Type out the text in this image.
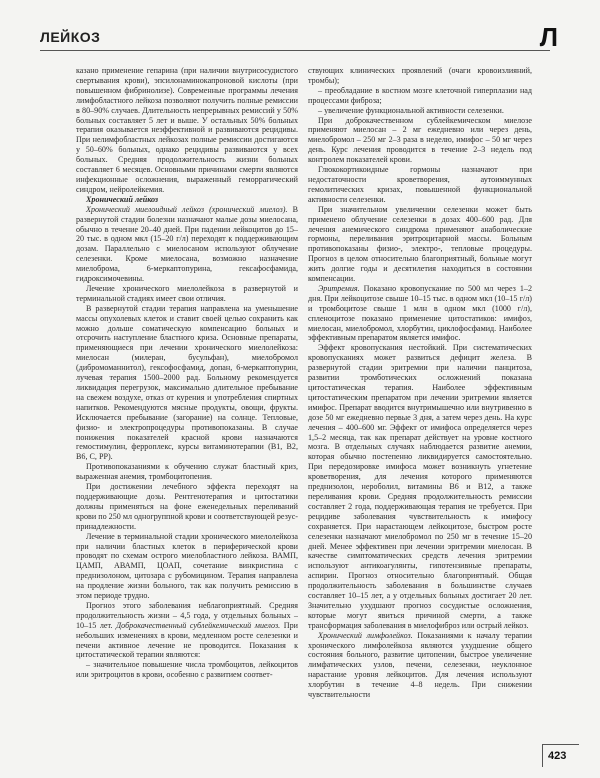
ЛЕЙКОЗ	Л

казано применение гепарина (при наличии внутрисосудистого свертывания крови), эпсилонаминокапроновой кислоты (при повышенном фибринолизе). Современные программы лечения лимфобластного лейкоза позволяют получить полные ремиссии в 80–90% случаев. Длительность непрерывных ремиссий у 50% больных составляет 5 лет и выше. У остальных 50% больных терапия оказывается неэффективной и развиваются рецидивы. При нелимфобластных лейкозах полные ремиссии достигаются у 50–60% больных, однако рецидивы развиваются у всех больных. Средняя продолжительность жизни больных составляет 6 месяцев. Основными причинами смерти являются инфекционные осложнения, выраженный геморрагический синдром, нейролейкемия.

Хронический лейкоз

Хронический миелоидный лейкоз (хронический миелоз). В развернутой стадии болезни назначают малые дозы миелосана, обычно в течение 20–40 дней. При падении лейкоцитов до 15–20 тыс. в одном мкл (15–20 г/л) переходят к поддерживающим дозам. Параллельно с миелосаном используют облучение селезенки. Кроме миелосана, возможно назначение миелоброма, 6-меркаптопурина, гексафосфамида, гидроксимочевины.

Лечение хронического миелолейкоза в развернутой и терминальной стадиях имеет свои отличия.

В развернутой стадии терапия направлена на уменьшение массы опухолевых клеток и ставит своей целью сохранить как можно дольше соматическую компенсацию больных и отсрочить наступление бластного криза. Основные препараты, применяющиеся при лечении хронического миелолейкоза: миелосан (милеран, бусульфан), миелобромол (дибромоманнитол), гексофосфамид, допан, 6-меркаптопурин, лучевая терапия 1500–2000 рад. Больному рекомендуется ликвидация перегрузок, максимально длительное пребывание на свежем воздухе, отказ от курения и употребления спиртных напитков. Рекомендуются мясные продукты, овощи, фрукты. Исключается пребывание (загорание) на солнце. Тепловые, физио- и электропроцедуры противопоказаны. В случае понижения показателей красной крови назначаются гемостимулин, ферроплекс, курсы витаминотерапии (B1, B2, B6, C, PP).

Противопоказаниями к обучению служат бластный криз, выраженная анемия, тромбоцитопения.

При достижении лечебного эффекта переходят на поддерживающие дозы. Рентгенотерапия и цитостатики должны применяться на фоне еженедельных переливаний крови по 250 мл одногруппной крови и соответствующей резус-принадлежности.

Лечение в терминальной стадии хронического миелолейкоза при наличии бластных клеток в периферической крови проводят по схемам острого миелобластного лейкоза. ВАМП, ЦАМП, АВАМП, ЦОАП, сочетание винкристина с преднизолоном, цитозара с рубомицином. Терапия направлена на продление жизни больного, так как получить ремиссию в этом периоде трудно.

Прогноз этого заболевания неблагоприятный. Средняя продолжительность жизни – 4,5 года, у отдельных больных – 10–15 лет. Доброкачественный сублейкемический миелоз. При небольших изменениях в крови, медленном росте селезенки и печени активное лечение не проводится. Показания к цитостатической терапии являются:

– значительное повышение числа тромбоцитов, лейкоцитов или эритроцитов в крови, особенно с развитием соответ-

ствующих клинических проявлений (очаги кровоизлияний, тромбы);

– преобладание в костном мозге клеточной гиперплазии над процессами фиброза;

– увеличение функциональной активности селезенки.

При доброкачественном сублейкемическом миелозе применяют миелосан – 2 мг ежедневно или через день, миелобромол – 250 мг 2–3 раза в неделю, имифос – 50 мг через день. Курс лечения проводится в течение 2–3 недель под контролем показателей крови.

Глюкокортикоидные гормоны назначают при недостаточности кроветворения, аутоиммунных гемолитических кризах, повышенной функциональной активности селезенки.

При значительном увеличении селезенки может быть применено облучение селезенки в дозах 400–600 рад. Для лечения анемического синдрома применяют анаболические гормоны, переливания эритроцитарной массы. Больным противопоказаны физио-, электро-, тепловые процедуры. Прогноз в целом относительно благоприятный, больные могут жить долгие годы и десятилетия находиться в состоянии компенсации.

Эритремия. Показано кровопускание по 500 мл через 1–2 дня. При лейкоцитозе свыше 10–15 тыс. в одном мкл (10–15 г/л) и тромбоцитозе свыше 1 млн в одном мкл (1000 г/л), спленоцитозе показано применение цитостатиков: имифоз, миелосан, миелобромол, хлорбутин, циклофосфамид. Наиболее эффективным препаратом является имифос.

Эффект кровопускания нестойкий. При систематических кровопусканиях может развиться дефицит железа. В развернутой стадии эритремии при наличии панцитоза, развитии тромботических осложнений показана цитостатическая терапия. Наиболее эффективным цитостатическим препаратом при лечении эритремии является имифос. Препарат вводится внутримышечно или внутривенно в дозе 50 мг ежедневно первые 3 дня, а затем через день. На курс лечения – 400–600 мг. Эффект от имифоса определяется через 1,5–2 месяца, так как препарат действует на уровне костного мозга. В отдельных случаях наблюдается развитие анемии, которая обычно постепенно ликвидируется самостоятельно. При передозировке имифоса может возникнуть угнетение кроветворения, для лечения которого применяются преднизолон, нероболил, витамины B6 и B12, а также переливания крови. Средняя продолжительность ремиссии составляет 2 года, поддерживающая терапия не требуется. При рецидиве заболевания чувствительность к имифосу сохраняется. При нарастающем лейкоцитозе, быстром росте селезенки назначают миелобромол по 250 мг в течение 15–20 дней. Менее эффективен при лечении эритремии миелосан. В качестве симптоматических средств лечения эритремии используют антикоагулянты, гипотензивные препараты, аспирин. Прогноз относительно благоприятный. Общая продолжительность заболевания в большинстве случаев составляет 10–15 лет, а у отдельных больных достигает 20 лет. Значительно ухудшают прогноз сосудистые осложнения, которые могут явиться причиной смерти, а также трансформация заболевания в миелофиброз или острый лейкоз.

Хронический лимфолейкоз. Показаниями к началу терапии хронического лимфолейкоза являются ухудшение общего состояния больного, развитие цитопении, быстрое увеличение лимфатических узлов, печени, селезенки, неуклонное нарастание уровня лейкоцитов. Для лечения используют хлорбутин в течение 4–8 недель. При снижении чувствительности

423
